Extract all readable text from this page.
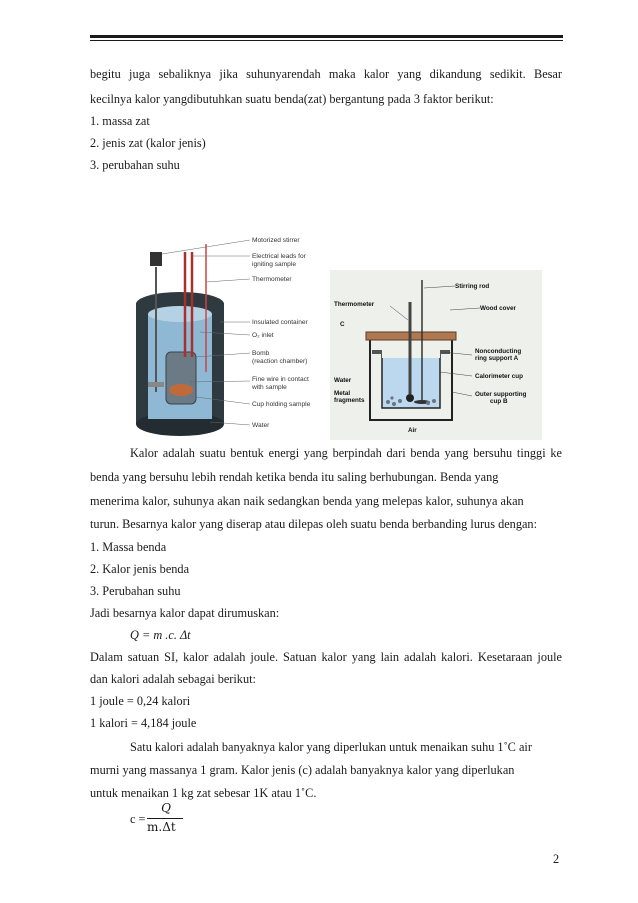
begitu juga sebaliknya jika suhunyarendah maka kalor yang dikandung sedikit. Besar
kecilnya kalor yangdibutuhkan suatu benda(zat) bergantung pada 3 faktor berikut:
1. massa zat
2. jenis zat (kalor jenis)
3. perubahan suhu
Motorized stirrer
Electrical leads for
igniting sample
Thermometer
Insulated container
O₂ inlet
Bomb
(reaction chamber)
Fine wire in contact
with sample
Cup holding sample
Water
Stirring rod
Thermometer
Wood cover
C
Nonconducting
ring support A
Calorimeter cup
Water
Metal
fragments
Outer supporting
cup B
Air
Kalor adalah suatu bentuk energi yang berpindah dari benda yang bersuhu tinggi ke
benda yang bersuhu lebih rendah ketika benda itu saling berhubungan. Benda yang
menerima kalor, suhunya akan naik sedangkan benda yang melepas kalor, suhunya akan
turun. Besarnya kalor yang diserap atau dilepas oleh suatu benda berbanding lurus dengan:
1. Massa benda
2. Kalor jenis benda
3. Perubahan suhu
Jadi besarnya kalor dapat dirumuskan:
Q = m .c. Δt
Dalam satuan SI, kalor adalah joule. Satuan kalor yang lain adalah kalori. Kesetaraan joule
dan kalori adalah sebagai berikut:
1 joule = 0,24 kalori
1 kalori = 4,184 joule
Satu kalori adalah banyaknya kalor yang diperlukan untuk menaikan suhu 1˚C air
murni yang massanya 1 gram. Kalor jenis (c) adalah banyaknya kalor yang diperlukan
untuk menaikan 1 kg zat sebesar 1K atau 1˚C.
c =
Q
m.Δt
2
